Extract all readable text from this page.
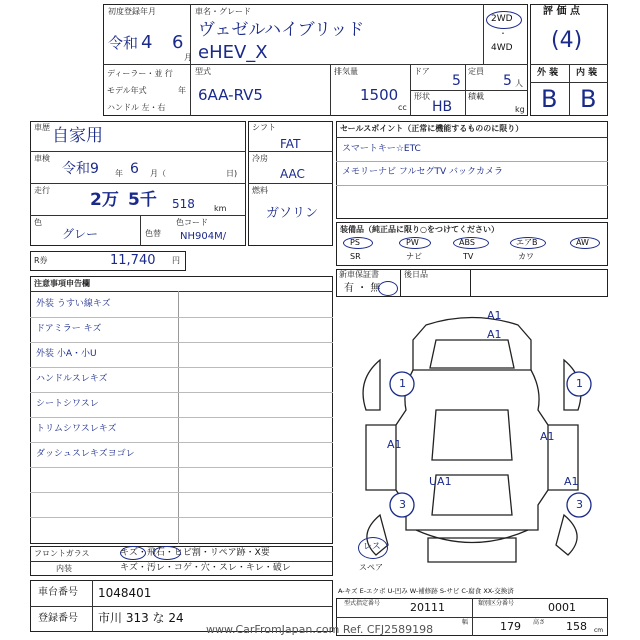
初度登録年月
令和 4 6
月
車名・グレード
ヴェゼルハイブリッド
eHEV_X
2WD
・
4WD
ディーラー・並 行
モデル年式	年
ハンドル 左・右
型式
6AA-RV5
排気量
1500
cc
ドア
5
定員
5 人
形状
HB
積載
kg
評 価 点
(4)
外 装 内 装
B B
車歴 自家用
車検
令和9 年 6 月（	日)
走行 2万 5千 518 km
色
グレー	色替
色コード
NH904M/
シフト
FAT
冷房
AAC
燃料
ガソリン
R券	11,740 円
セールスポイント（正常に機能するもののに限り）
スマートキー☆ETC
メモリーナビ フルセグTV バックカメラ
装備品（純正品に限り○をつけてください）
PS	PW	ABS	エアB	AW
SR	ナビ	TV	カワ
新車保証書
有 ・ 無
後日品
注意事項申告欄
外装 うすい線キズ
ドアミラー キズ
外装 小A・小U
ハンドルスレキズ
シートシワスレ
トリムシワスレキズ
ダッシュスレキズヨゴレ
フロントガラス	キズ・飛石・ヒビ割・リペア跡・X要
内装	キズ・汚レ・コゲ・穴・スレ・キレ・破レ
車台番号 1048401
登録番号 市川 313 な 24
A1
A1
A1
A1
UA1	A1
1	1
3	3
レス
スペア
A-キズ E-エクボ U-凹み W-補修跡 S-サビ C-腐食 XX-交換済
型式指定番号	20111	類別区分番号	0001
幅	179 高さ 158 cm
www.CarFromJapan.com Ref. CFJ2589198
